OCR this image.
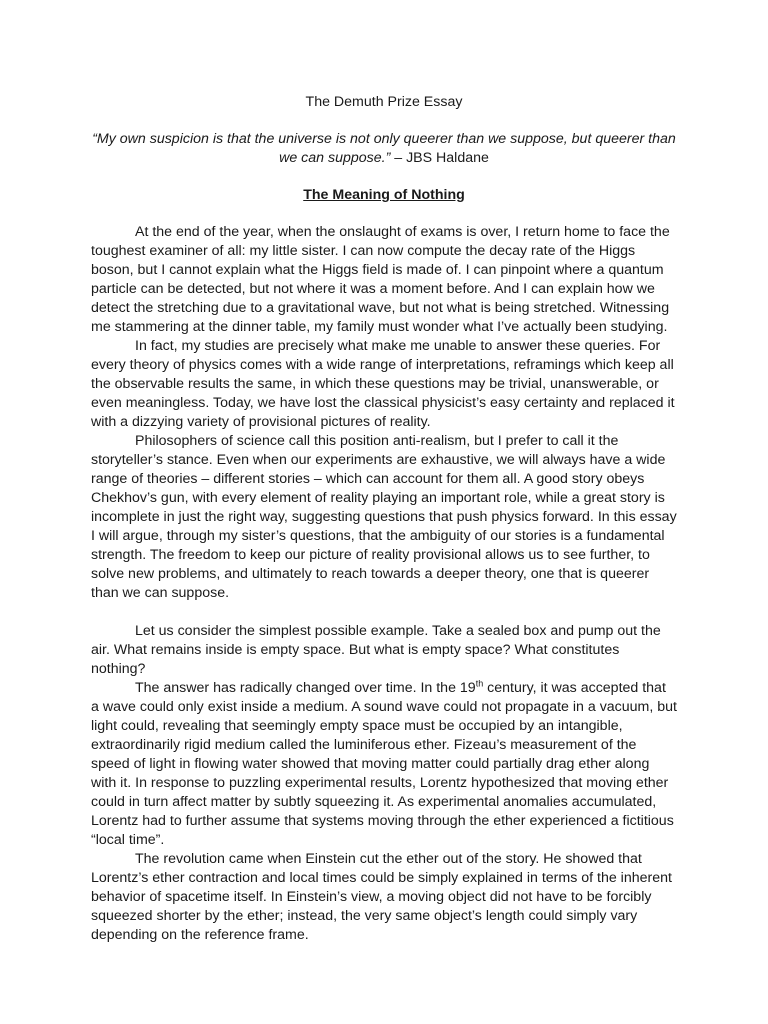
The Demuth Prize Essay

“My own suspicion is that the universe is not only queerer than we suppose, but queerer than we can suppose.” – JBS Haldane

The Meaning of Nothing

At the end of the year, when the onslaught of exams is over, I return home to face the toughest examiner of all: my little sister. I can now compute the decay rate of the Higgs boson, but I cannot explain what the Higgs field is made of. I can pinpoint where a quantum particle can be detected, but not where it was a moment before. And I can explain how we detect the stretching due to a gravitational wave, but not what is being stretched. Witnessing me stammering at the dinner table, my family must wonder what I’ve actually been studying.

In fact, my studies are precisely what make me unable to answer these queries. For every theory of physics comes with a wide range of interpretations, reframings which keep all the observable results the same, in which these questions may be trivial, unanswerable, or even meaningless. Today, we have lost the classical physicist’s easy certainty and replaced it with a dizzying variety of provisional pictures of reality.

Philosophers of science call this position anti-realism, but I prefer to call it the storyteller’s stance. Even when our experiments are exhaustive, we will always have a wide range of theories – different stories – which can account for them all. A good story obeys Chekhov’s gun, with every element of reality playing an important role, while a great story is incomplete in just the right way, suggesting questions that push physics forward. In this essay I will argue, through my sister’s questions, that the ambiguity of our stories is a fundamental strength. The freedom to keep our picture of reality provisional allows us to see further, to solve new problems, and ultimately to reach towards a deeper theory, one that is queerer than we can suppose.

Let us consider the simplest possible example. Take a sealed box and pump out the air. What remains inside is empty space. But what is empty space? What constitutes nothing?

The answer has radically changed over time. In the 19th century, it was accepted that a wave could only exist inside a medium. A sound wave could not propagate in a vacuum, but light could, revealing that seemingly empty space must be occupied by an intangible, extraordinarily rigid medium called the luminiferous ether. Fizeau’s measurement of the speed of light in flowing water showed that moving matter could partially drag ether along with it. In response to puzzling experimental results, Lorentz hypothesized that moving ether could in turn affect matter by subtly squeezing it. As experimental anomalies accumulated, Lorentz had to further assume that systems moving through the ether experienced a fictitious “local time”.

The revolution came when Einstein cut the ether out of the story. He showed that Lorentz’s ether contraction and local times could be simply explained in terms of the inherent behavior of spacetime itself. In Einstein’s view, a moving object did not have to be forcibly squeezed shorter by the ether; instead, the very same object’s length could simply vary depending on the reference frame.
